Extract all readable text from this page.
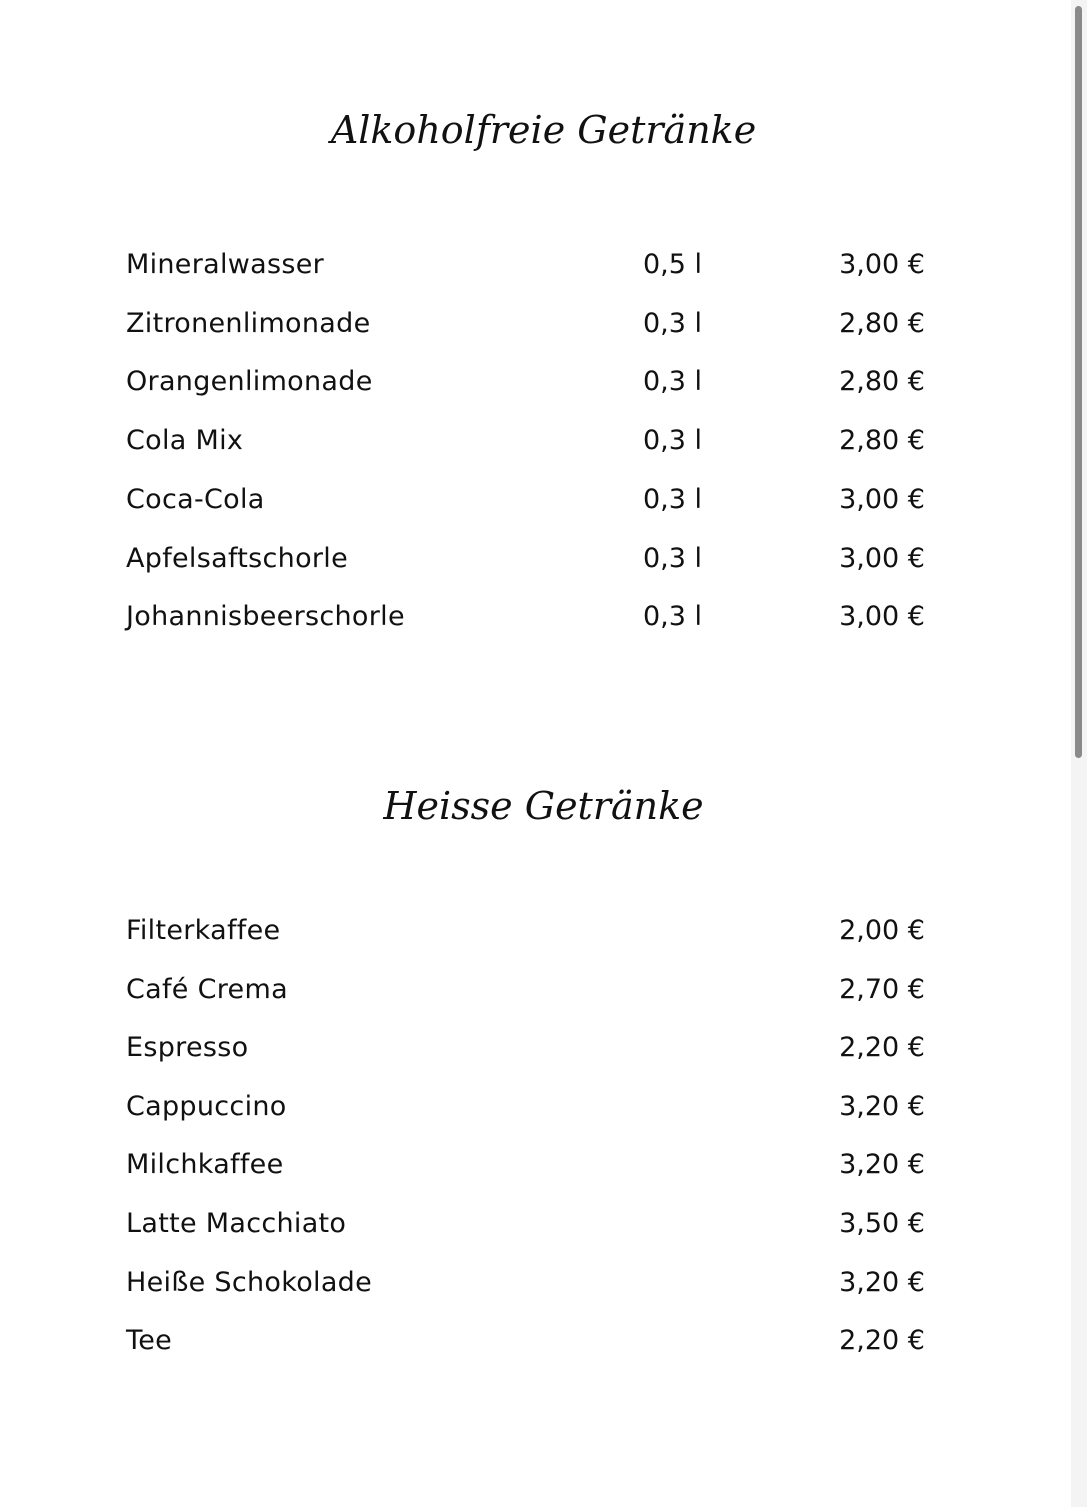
Alkoholfreie Getränke
Mineralwasser	0,5 l	3,00 €
Zitronenlimonade	0,3 l	2,80 €
Orangenlimonade	0,3 l	2,80 €
Cola Mix	0,3 l	2,80 €
Coca-Cola	0,3 l	3,00 €
Apfelsaftschorle	0,3 l	3,00 €
Johannisbeerschorle	0,3 l	3,00 €
Heisse Getränke
Filterkaffee	2,00 €
Café Crema	2,70 €
Espresso	2,20 €
Cappuccino	3,20 €
Milchkaffee	3,20 €
Latte Macchiato	3,50 €
Heiße Schokolade	3,20 €
Tee	2,20 €
